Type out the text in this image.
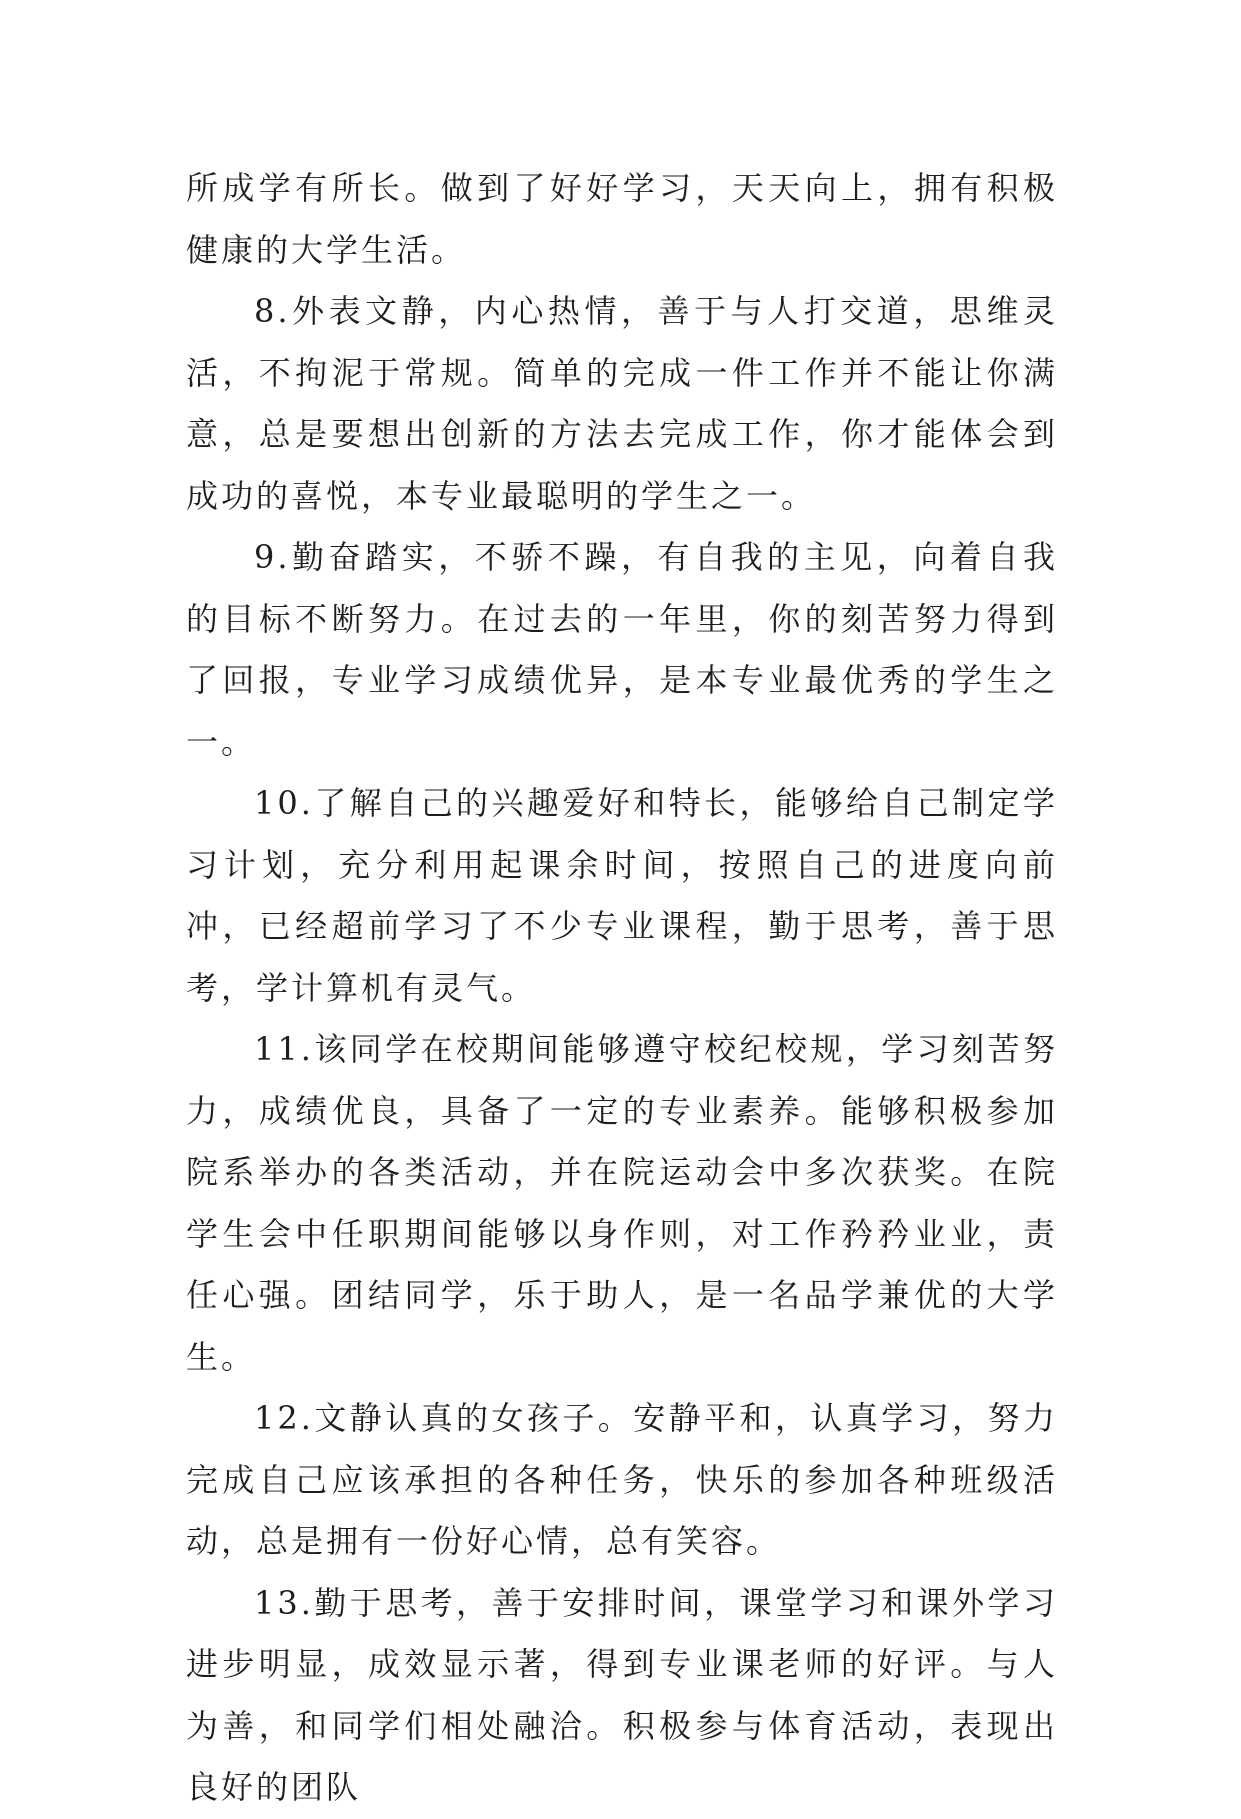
所成学有所长。做到了好好学习，天天向上，拥有积极健康的大学生活。

8.外表文静，内心热情，善于与人打交道，思维灵活，不拘泥于常规。简单的完成一件工作并不能让你满意，总是要想出创新的方法去完成工作，你才能体会到成功的喜悦，本专业最聪明的学生之一。

9.勤奋踏实，不骄不躁，有自我的主见，向着自我的目标不断努力。在过去的一年里，你的刻苦努力得到了回报，专业学习成绩优异，是本专业最优秀的学生之一。

10.了解自己的兴趣爱好和特长，能够给自己制定学习计划，充分利用起课余时间，按照自己的进度向前冲，已经超前学习了不少专业课程，勤于思考，善于思考，学计算机有灵气。

11.该同学在校期间能够遵守校纪校规，学习刻苦努力，成绩优良，具备了一定的专业素养。能够积极参加院系举办的各类活动，并在院运动会中多次获奖。在院学生会中任职期间能够以身作则，对工作矜矜业业，责任心强。团结同学，乐于助人，是一名品学兼优的大学生。

12.文静认真的女孩子。安静平和，认真学习，努力完成自己应该承担的各种任务，快乐的参加各种班级活动，总是拥有一份好心情，总有笑容。

13.勤于思考，善于安排时间，课堂学习和课外学习进步明显，成效显示著，得到专业课老师的好评。与人为善，和同学们相处融洽。积极参与体育活动，表现出良好的团队
